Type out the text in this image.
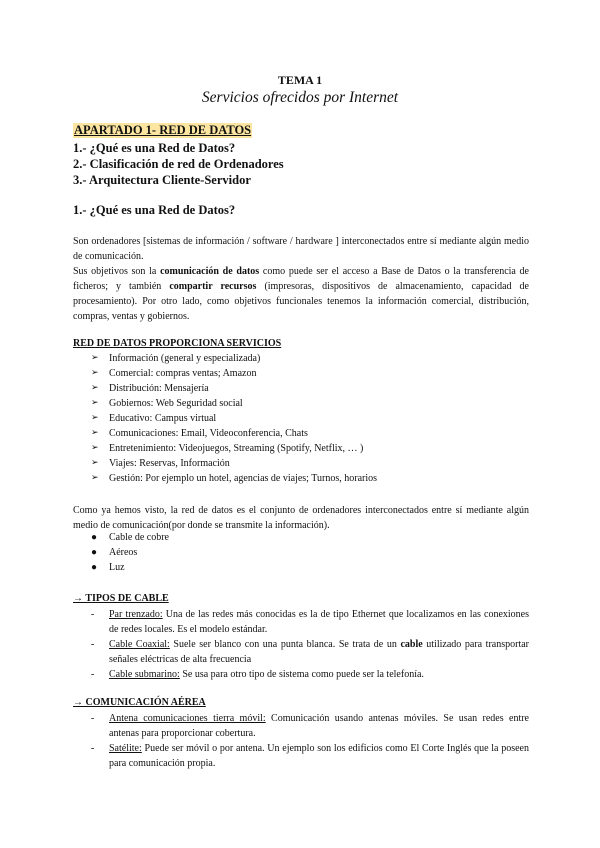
TEMA 1

Servicios ofrecidos por Internet

APARTADO 1- RED DE DATOS

1.- ¿Qué es una Red de Datos?

2.- Clasificación de red de Ordenadores

3.- Arquitectura Cliente-Servidor

1.- ¿Qué es una Red de Datos?

Son ordenadores [sistemas de información / software / hardware ] interconectados entre sí mediante algún medio de comunicación.
Sus objetivos son la comunicación de datos como puede ser el acceso a Base de Datos o la transferencia de ficheros; y también compartir recursos (impresoras, dispositivos de almacenamiento, capacidad de procesamiento). Por otro lado, como objetivos funcionales tenemos la información comercial, distribución, compras, ventas y gobiernos.

RED DE DATOS PROPORCIONA SERVICIOS

➢ Información (general y especializada)
➢ Comercial: compras ventas; Amazon
➢ Distribución: Mensajería
➢ Gobiernos: Web Seguridad social
➢ Educativo: Campus virtual
➢ Comunicaciones: Email, Videoconferencia, Chats
➢ Entretenimiento: Videojuegos, Streaming (Spotify, Netflix, … )
➢ Viajes: Reservas, Información
➢ Gestión: Por ejemplo un hotel, agencias de viajes; Turnos, horarios
Como ya hemos visto, la red de datos es el conjunto de ordenadores interconectados entre sí mediante algún medio de comunicación(por donde se transmite la información).
● Cable de cobre
● Aéreos
● Luz

→ TIPOS DE CABLE

- Par trenzado: Una de las redes más conocidas es la de tipo Ethernet que localizamos en las conexiones de redes locales. Es el modelo estándar.
- Cable Coaxial: Suele ser blanco con una punta blanca. Se trata de un cable utilizado para transportar señales eléctricas de alta frecuencia
- Cable submarino: Se usa para otro tipo de sistema como puede ser la telefonía.

→ COMUNICACIÓN AÉREA

- Antena comunicaciones tierra móvil: Comunicación usando antenas móviles. Se usan redes entre antenas para proporcionar cobertura.
- Satélite: Puede ser móvil o por antena. Un ejemplo son los edificios como El Corte Inglés que la poseen para comunicación propia.
